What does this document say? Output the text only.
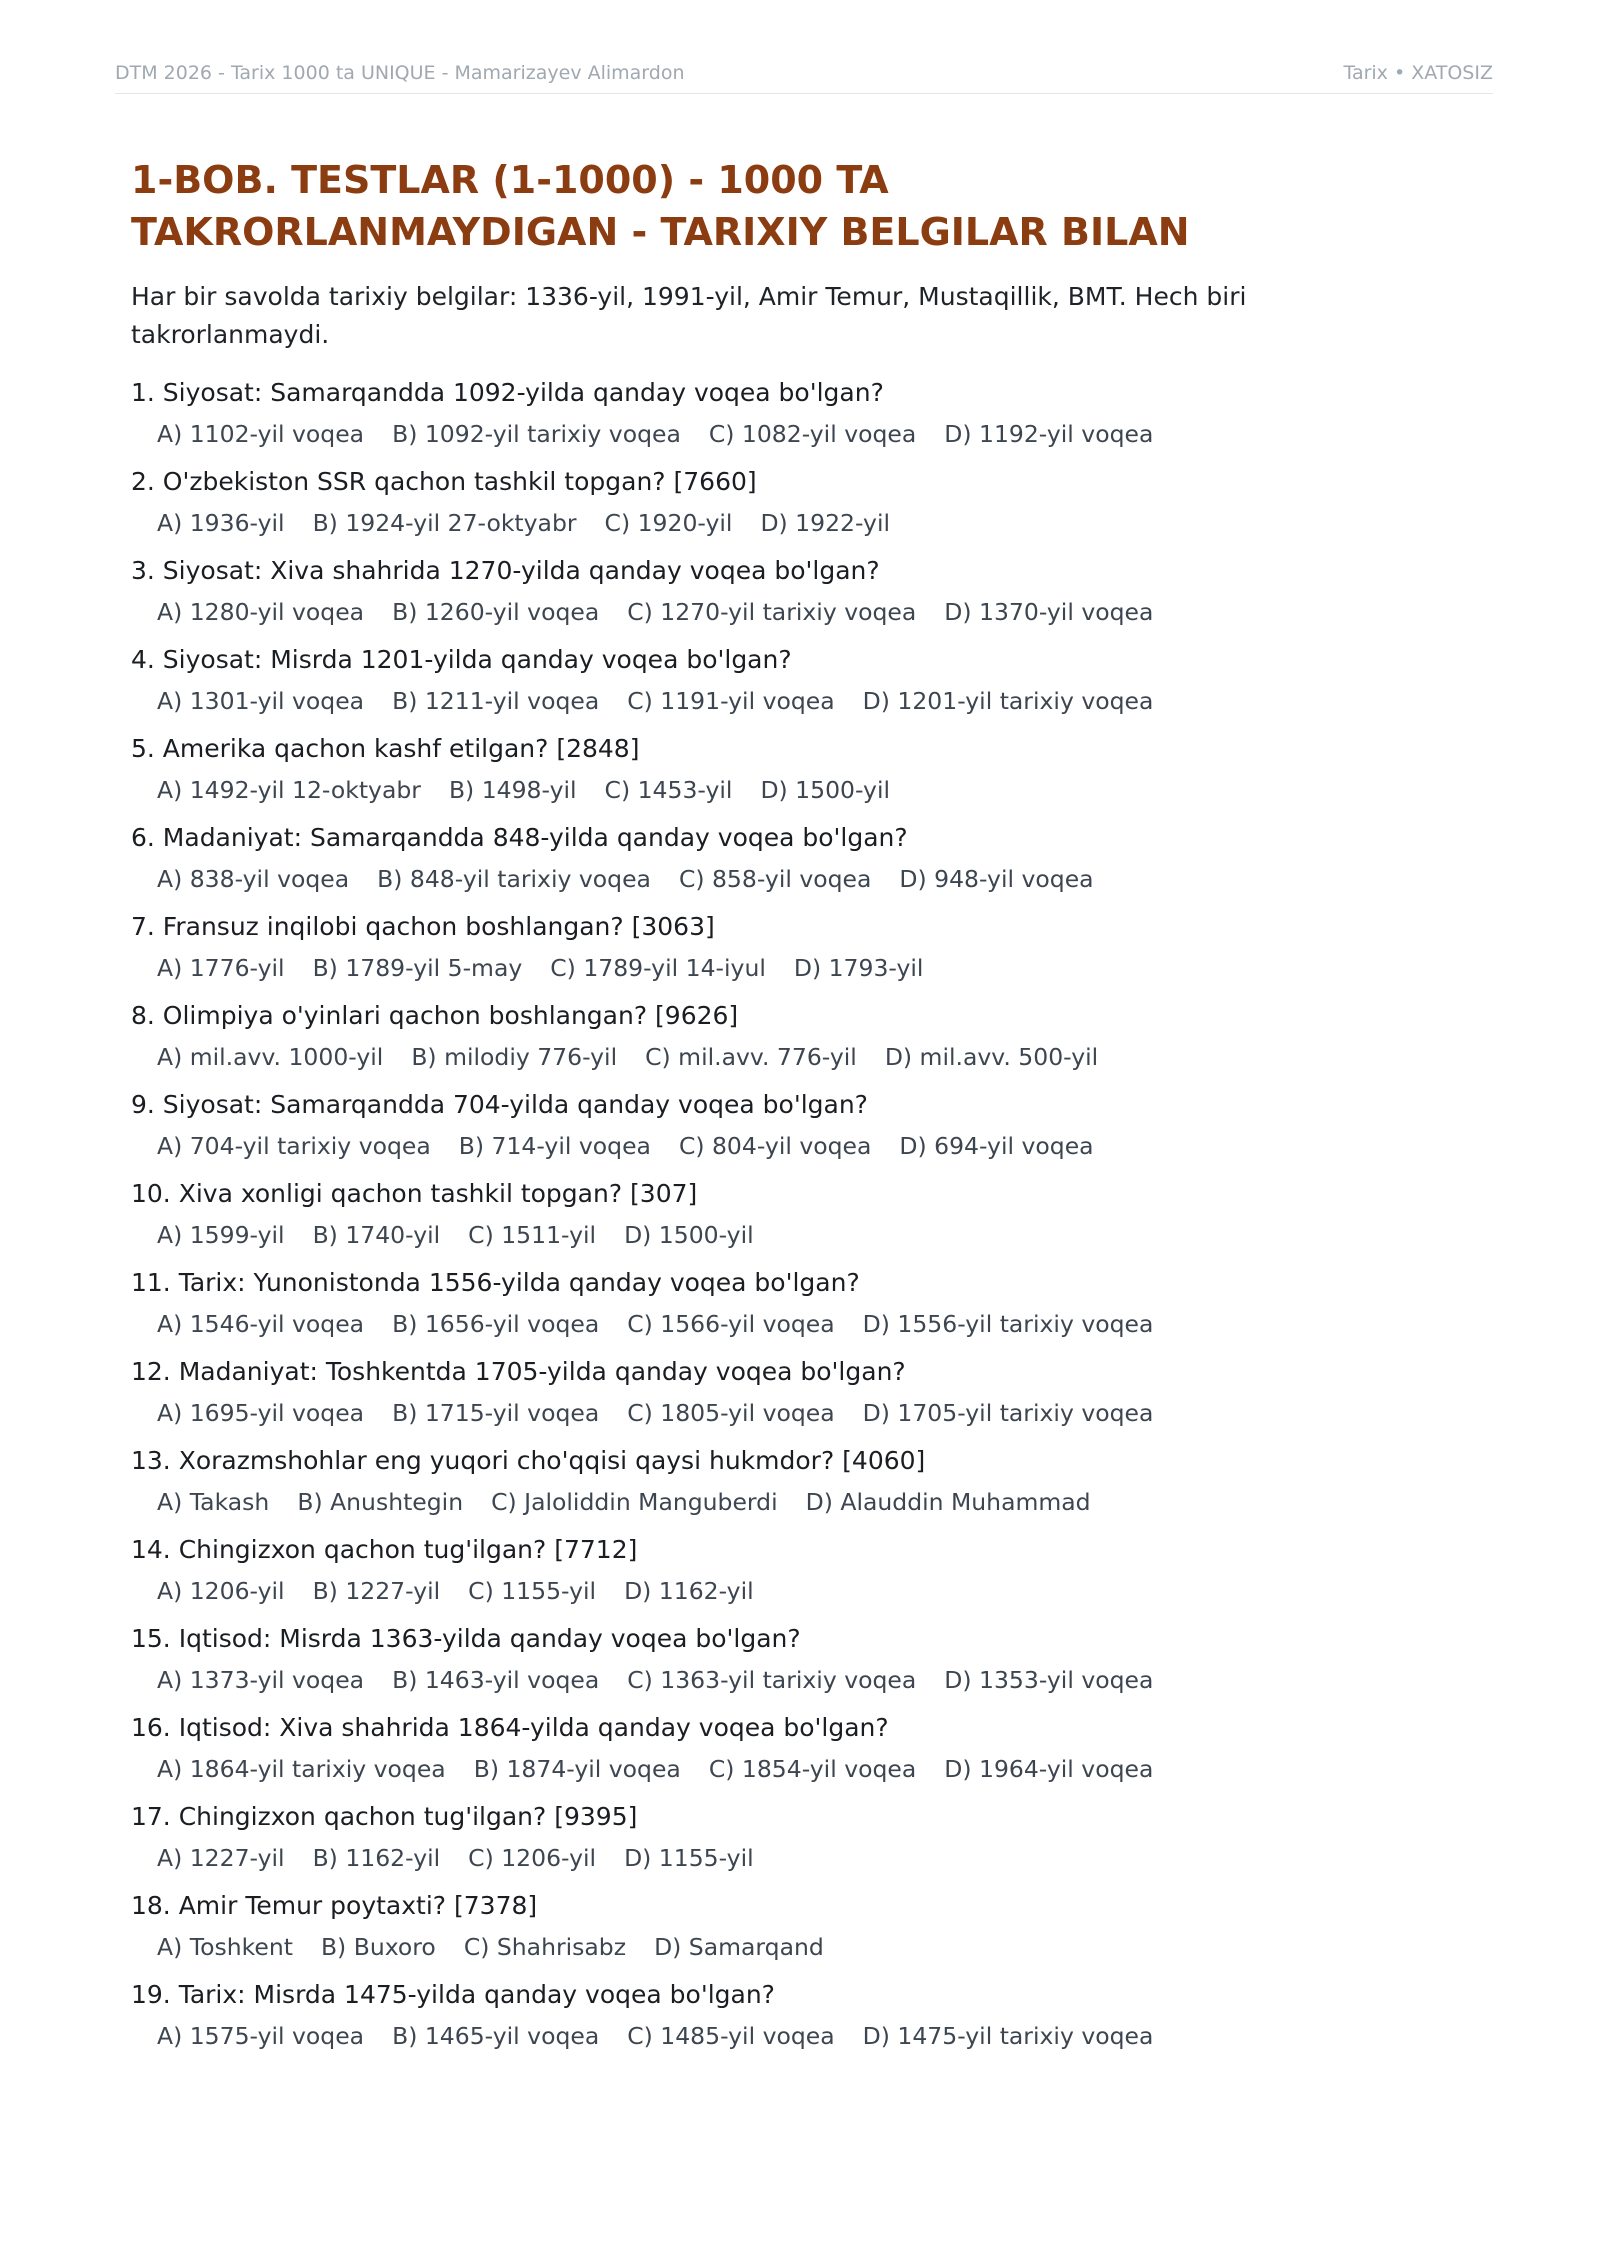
DTM 2026 - Tarix 1000 ta UNIQUE - Mamarizayev Alimardon	Tarix • XATOSIZ
1-BOB. TESTLAR (1-1000) - 1000 TA TAKRORLANMAYDIGAN - TARIXIY BELGILAR BILAN

Har bir savolda tarixiy belgilar: 1336-yil, 1991-yil, Amir Temur, Mustaqillik, BMT. Hech biri takrorlanmaydi.

1. Siyosat: Samarqandda 1092-yilda qanday voqea bo'lgan?
A) 1102-yil voqea B) 1092-yil tarixiy voqea C) 1082-yil voqea D) 1192-yil voqea
2. O'zbekiston SSR qachon tashkil topgan? [7660]
A) 1936-yil B) 1924-yil 27-oktyabr C) 1920-yil D) 1922-yil
3. Siyosat: Xiva shahrida 1270-yilda qanday voqea bo'lgan?
A) 1280-yil voqea B) 1260-yil voqea C) 1270-yil tarixiy voqea D) 1370-yil voqea
4. Siyosat: Misrda 1201-yilda qanday voqea bo'lgan?
A) 1301-yil voqea B) 1211-yil voqea C) 1191-yil voqea D) 1201-yil tarixiy voqea
5. Amerika qachon kashf etilgan? [2848]
A) 1492-yil 12-oktyabr B) 1498-yil C) 1453-yil D) 1500-yil
6. Madaniyat: Samarqandda 848-yilda qanday voqea bo'lgan?
A) 838-yil voqea B) 848-yil tarixiy voqea C) 858-yil voqea D) 948-yil voqea
7. Fransuz inqilobi qachon boshlangan? [3063]
A) 1776-yil B) 1789-yil 5-may C) 1789-yil 14-iyul D) 1793-yil
8. Olimpiya o'yinlari qachon boshlangan? [9626]
A) mil.avv. 1000-yil B) milodiy 776-yil C) mil.avv. 776-yil D) mil.avv. 500-yil
9. Siyosat: Samarqandda 704-yilda qanday voqea bo'lgan?
A) 704-yil tarixiy voqea B) 714-yil voqea C) 804-yil voqea D) 694-yil voqea
10. Xiva xonligi qachon tashkil topgan? [307]
A) 1599-yil B) 1740-yil C) 1511-yil D) 1500-yil
11. Tarix: Yunonistonda 1556-yilda qanday voqea bo'lgan?
A) 1546-yil voqea B) 1656-yil voqea C) 1566-yil voqea D) 1556-yil tarixiy voqea
12. Madaniyat: Toshkentda 1705-yilda qanday voqea bo'lgan?
A) 1695-yil voqea B) 1715-yil voqea C) 1805-yil voqea D) 1705-yil tarixiy voqea
13. Xorazmshohlar eng yuqori cho'qqisi qaysi hukmdor? [4060]
A) Takash B) Anushtegin C) Jaloliddin Manguberdi D) Alauddin Muhammad
14. Chingizxon qachon tug'ilgan? [7712]
A) 1206-yil B) 1227-yil C) 1155-yil D) 1162-yil
15. Iqtisod: Misrda 1363-yilda qanday voqea bo'lgan?
A) 1373-yil voqea B) 1463-yil voqea C) 1363-yil tarixiy voqea D) 1353-yil voqea
16. Iqtisod: Xiva shahrida 1864-yilda qanday voqea bo'lgan?
A) 1864-yil tarixiy voqea B) 1874-yil voqea C) 1854-yil voqea D) 1964-yil voqea
17. Chingizxon qachon tug'ilgan? [9395]
A) 1227-yil B) 1162-yil C) 1206-yil D) 1155-yil
18. Amir Temur poytaxti? [7378]
A) Toshkent B) Buxoro C) Shahrisabz D) Samarqand
19. Tarix: Misrda 1475-yilda qanday voqea bo'lgan?
A) 1575-yil voqea B) 1465-yil voqea C) 1485-yil voqea D) 1475-yil tarixiy voqea
